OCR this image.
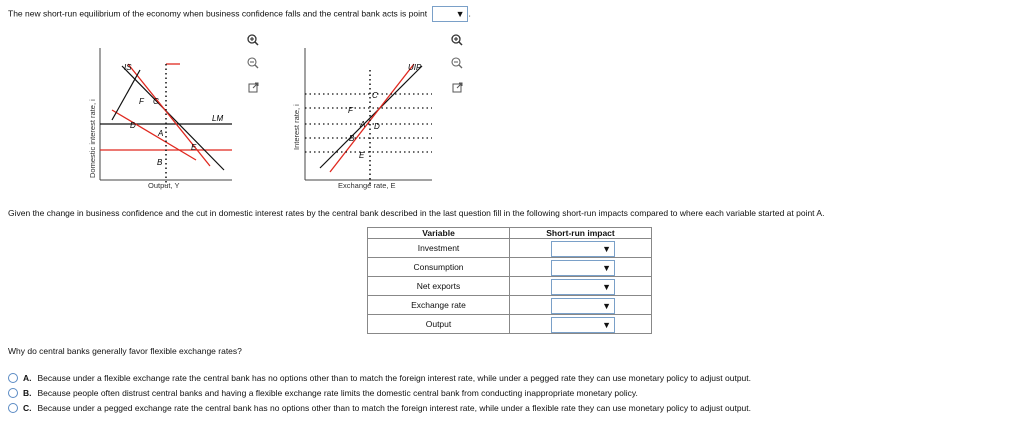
The new short-run equilibrium of the economy when business confidence falls and the central bank acts is point	▼ .
IS
LM
F C
D
A
E
B
UIP
C
F
A D
B
E
Domestic interest rate, i
Output, Y
Interest rate, i
Exchange rate, E
Given the change in business confidence and the cut in domestic interest rates by the central bank described in the last question fill in the following short-run impacts compared to where each variable started at point A.
Variable	Short-run impact
Investment	▼

Consumption	▼

Net exports	▼

Exchange rate	▼

Output	▼
Why do central banks generally favor flexible exchange rates?
A. Because under a flexible exchange rate the central bank has no options other than to match the foreign interest rate, while under a pegged rate they can use monetary policy to adjust output.
B. Because people often distrust central banks and having a flexible exchange rate limits the domestic central bank from conducting inappropriate monetary policy.
C. Because under a pegged exchange rate the central bank has no options other than to match the foreign interest rate, while under a flexible rate they can use monetary policy to adjust output.
